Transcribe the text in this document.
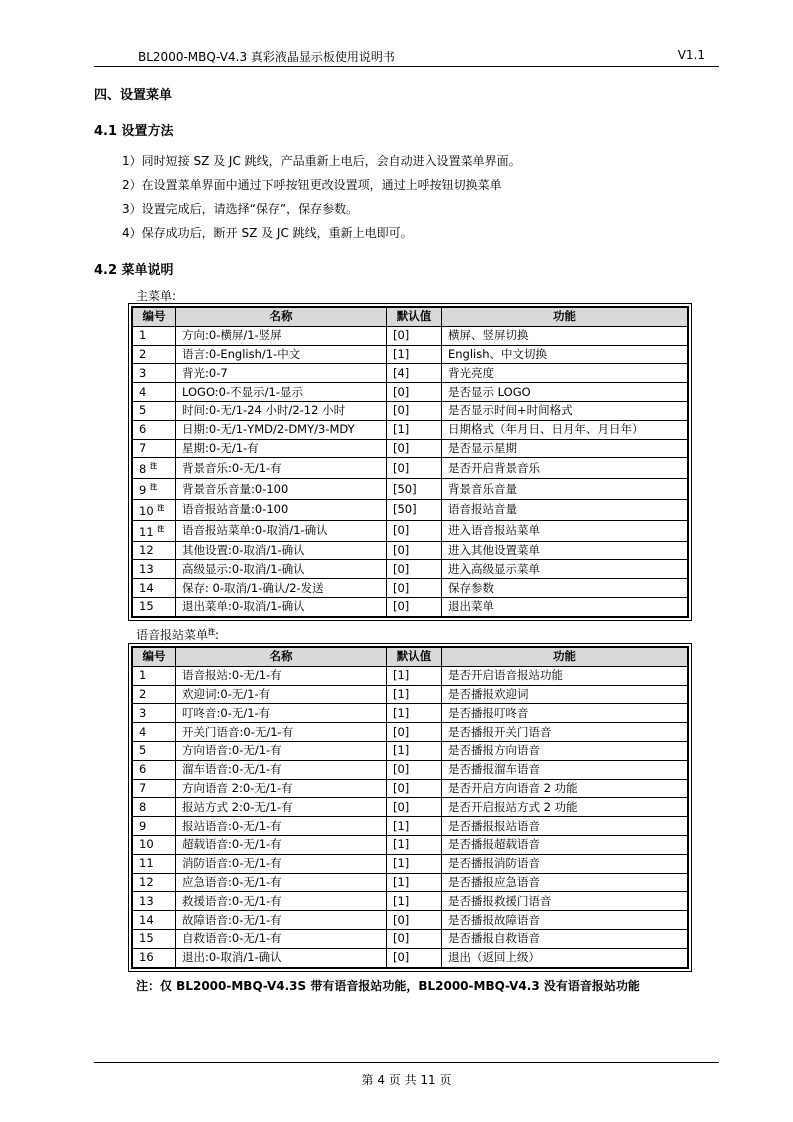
BL2000-MBQ-V4.3 真彩液晶显示板使用说明书	V1.1
四、设置菜单
4.1 设置方法
1）同时短接 SZ 及 JC 跳线，产品重新上电后，会自动进入设置菜单界面。
2）在设置菜单界面中通过下呼按钮更改设置项，通过上呼按钮切换菜单
3）设置完成后，请选择“保存”，保存参数。
4）保存成功后，断开 SZ 及 JC 跳线，重新上电即可。
4.2 菜单说明
主菜单:
编号	名称	默认值	功能
1	方向:0-横屏/1-竖屏	[0]	横屏、竖屏切换
2	语言:0-English/1-中文	[1]	English、中文切换
3	背光:0-7	[4]	背光亮度
4	LOGO:0-不显示/1-显示	[0]	是否显示 LOGO
5	时间:0-无/1-24 小时/2-12 小时	[0]	是否显示时间+时间格式
6	日期:0-无/1-YMD/2-DMY/3-MDY	[1]	日期格式（年月日、日月年、月日年）
7	星期:0-无/1-有	[0]	是否显示星期
8 $^注$	背景音乐:0-无/1-有	[0]	是否开启背景音乐
9 $^注$	背景音乐音量:0-100	[50]	背景音乐音量
10 $^注$	语音报站音量:0-100	[50]	语音报站音量
11 $^注$	语音报站菜单:0-取消/1-确认	[0]	进入语音报站菜单
12	其他设置:0-取消/1-确认	[0]	进入其他设置菜单
13	高级显示:0-取消/1-确认	[0]	进入高级显示菜单
14	保存: 0-取消/1-确认/2-发送	[0]	保存参数
15	退出菜单:0-取消/1-确认	[0]	退出菜单
语音报站菜单$^注$:
编号	名称	默认值	功能
1	语音报站:0-无/1-有	[1]	是否开启语音报站功能
2	欢迎词:0-无/1-有	[1]	是否播报欢迎词
3	叮咚音:0-无/1-有	[1]	是否播报叮咚音
4	开关门语音:0-无/1-有	[0]	是否播报开关门语音
5	方向语音:0-无/1-有	[1]	是否播报方向语音
6	溜车语音:0-无/1-有	[0]	是否播报溜车语音
7	方向语音 2:0-无/1-有	[0]	是否开启方向语音 2 功能
8	报站方式 2:0-无/1-有	[0]	是否开启报站方式 2 功能
9	报站语音:0-无/1-有	[1]	是否播报报站语音
10	超载语音:0-无/1-有	[1]	是否播报超载语音
11	消防语音:0-无/1-有	[1]	是否播报消防语音
12	应急语音:0-无/1-有	[1]	是否播报应急语音
13	救援语音:0-无/1-有	[1]	是否播报救援门语音
14	故障语音:0-无/1-有	[0]	是否播报故障语音
15	自救语音:0-无/1-有	[0]	是否播报自救语音
16	退出:0-取消/1-确认	[0]	退出（返回上级）
注：仅 BL2000-MBQ-V4.3S 带有语音报站功能，BL2000-MBQ-V4.3 没有语音报站功能
第 4 页 共 11 页
